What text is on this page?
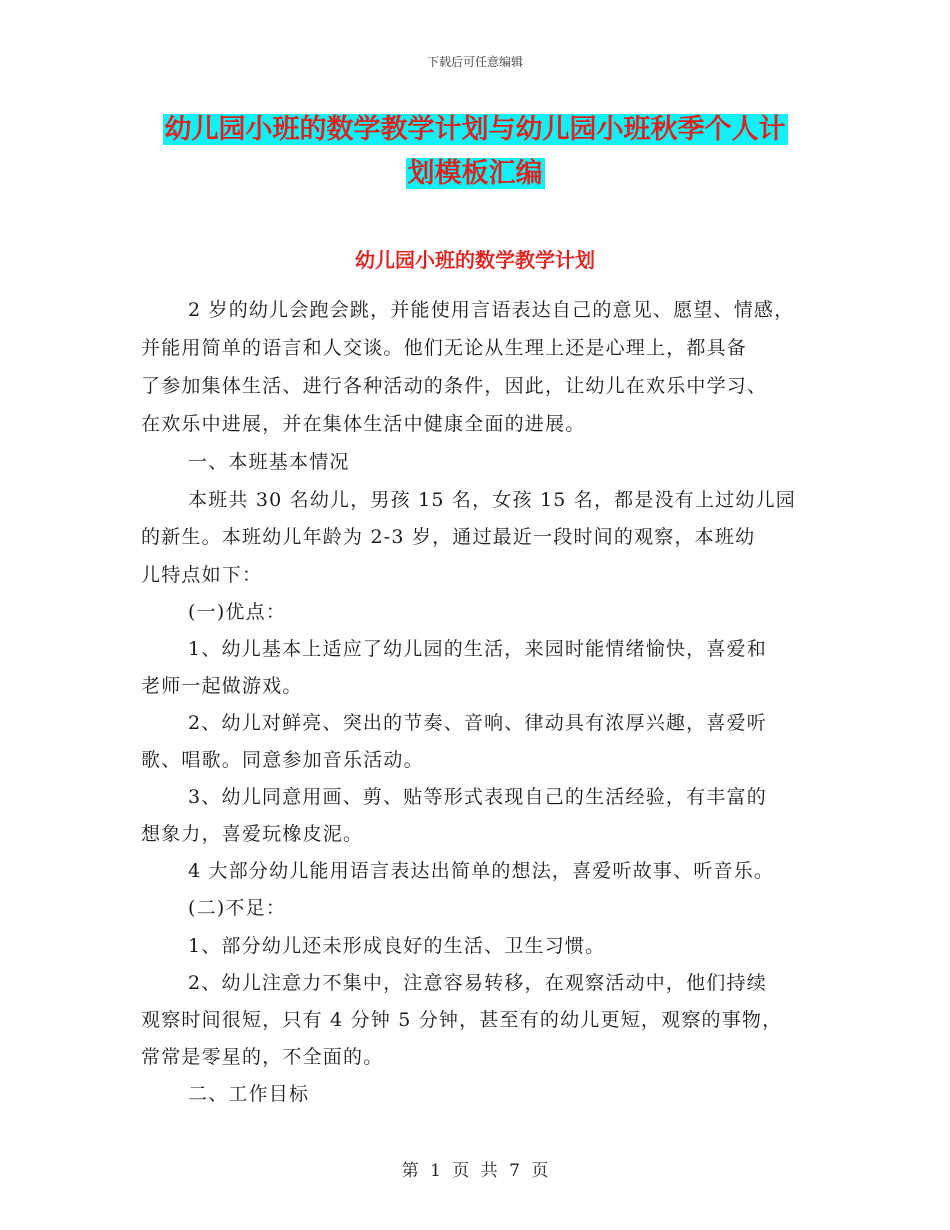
下载后可任意编辑
幼儿园小班的数学教学计划与幼儿园小班秋季个人计
划模板汇编
幼儿园小班的数学教学计划
2 岁的幼儿会跑会跳，并能使用言语表达自己的意见、愿望、情感，
并能用简单的语言和人交谈。他们无论从生理上还是心理上，都具备
了参加集体生活、进行各种活动的条件，因此，让幼儿在欢乐中学习、
在欢乐中进展，并在集体生活中健康全面的进展。
一、本班基本情况
本班共 30 名幼儿，男孩 15 名，女孩 15 名，都是没有上过幼儿园
的新生。本班幼儿年龄为 2-3 岁，通过最近一段时间的观察，本班幼
儿特点如下：
(一)优点：
1、幼儿基本上适应了幼儿园的生活，来园时能情绪愉快，喜爱和
老师一起做游戏。
2、幼儿对鲜亮、突出的节奏、音响、律动具有浓厚兴趣，喜爱听
歌、唱歌。同意参加音乐活动。
3、幼儿同意用画、剪、贴等形式表现自己的生活经验，有丰富的
想象力，喜爱玩橡皮泥。
4 大部分幼儿能用语言表达出简单的想法，喜爱听故事、听音乐。
(二)不足：
1、部分幼儿还未形成良好的生活、卫生习惯。
2、幼儿注意力不集中，注意容易转移，在观察活动中，他们持续
观察时间很短，只有 4 分钟 5 分钟，甚至有的幼儿更短，观察的事物，
常常是零星的，不全面的。
二、工作目标
第 1 页 共 7 页
